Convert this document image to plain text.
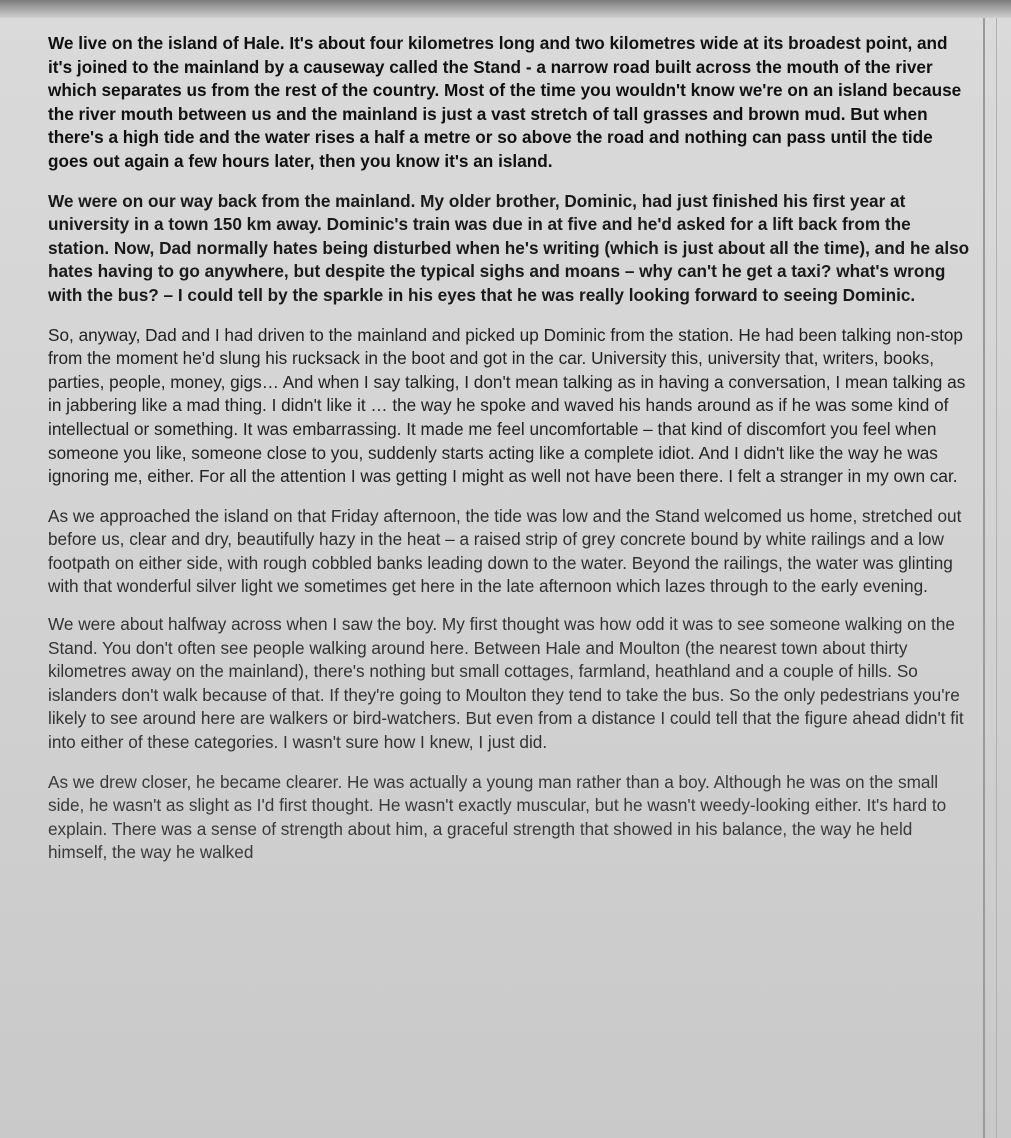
We live on the island of Hale. It's about four kilometres long and two kilometres wide at its broadest point, and it's joined to the mainland by a causeway called the Stand - a narrow road built across the mouth of the river which separates us from the rest of the country. Most of the time you wouldn't know we're on an island because the river mouth between us and the mainland is just a vast stretch of tall grasses and brown mud. But when there's a high tide and the water rises a half a metre or so above the road and nothing can pass until the tide goes out again a few hours later, then you know it's an island.

We were on our way back from the mainland. My older brother, Dominic, had just finished his first year at university in a town 150 km away. Dominic's train was due in at five and he'd asked for a lift back from the station. Now, Dad normally hates being disturbed when he's writing (which is just about all the time), and he also hates having to go anywhere, but despite the typical sighs and moans – why can't he get a taxi? what's wrong with the bus? – I could tell by the sparkle in his eyes that he was really looking forward to seeing Dominic.

So, anyway, Dad and I had driven to the mainland and picked up Dominic from the station. He had been talking non-stop from the moment he'd slung his rucksack in the boot and got in the car. University this, university that, writers, books, parties, people, money, gigs… And when I say talking, I don't mean talking as in having a conversation, I mean talking as in jabbering like a mad thing. I didn't like it … the way he spoke and waved his hands around as if he was some kind of intellectual or something. It was embarrassing. It made me feel uncomfortable – that kind of discomfort you feel when someone you like, someone close to you, suddenly starts acting like a complete idiot. And I didn't like the way he was ignoring me, either. For all the attention I was getting I might as well not have been there. I felt a stranger in my own car.

As we approached the island on that Friday afternoon, the tide was low and the Stand welcomed us home, stretched out before us, clear and dry, beautifully hazy in the heat – a raised strip of grey concrete bound by white railings and a low footpath on either side, with rough cobbled banks leading down to the water. Beyond the railings, the water was glinting with that wonderful silver light we sometimes get here in the late afternoon which lazes through to the early evening.

We were about halfway across when I saw the boy. My first thought was how odd it was to see someone walking on the Stand. You don't often see people walking around here. Between Hale and Moulton (the nearest town about thirty kilometres away on the mainland), there's nothing but small cottages, farmland, heathland and a couple of hills. So islanders don't walk because of that. If they're going to Moulton they tend to take the bus. So the only pedestrians you're likely to see around here are walkers or bird-watchers. But even from a distance I could tell that the figure ahead didn't fit into either of these categories. I wasn't sure how I knew, I just did.

As we drew closer, he became clearer. He was actually a young man rather than a boy. Although he was on the small side, he wasn't as slight as I'd first thought. He wasn't exactly muscular, but he wasn't weedy-looking either. It's hard to explain. There was a sense of strength about him, a graceful strength that showed in his balance, the way he held himself, the way he walked
